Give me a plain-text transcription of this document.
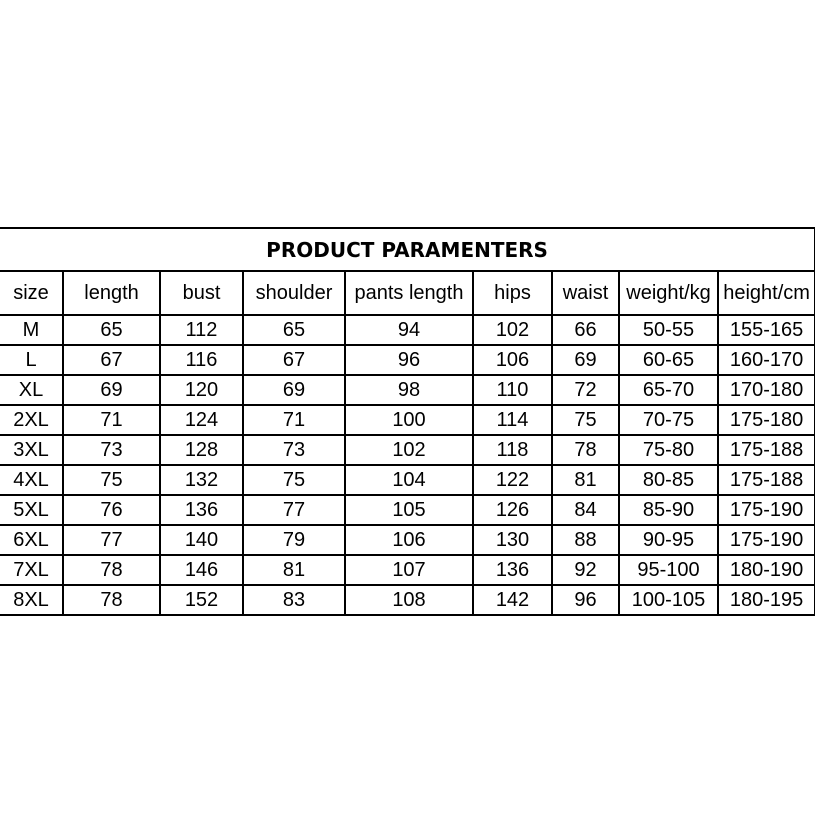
PRODUCT PARAMENTERS								
size	length	bust	shoulder	pants length	hips	waist	weight/kg	height/cm
M	65	112	65	94	102	66	50-55	155-165
L	67	116	67	96	106	69	60-65	160-170
XL	69	120	69	98	110	72	65-70	170-180
2XL	71	124	71	100	114	75	70-75	175-180
3XL	73	128	73	102	118	78	75-80	175-188
4XL	75	132	75	104	122	81	80-85	175-188
5XL	76	136	77	105	126	84	85-90	175-190
6XL	77	140	79	106	130	88	90-95	175-190
7XL	78	146	81	107	136	92	95-100	180-190
8XL	78	152	83	108	142	96	100-105	180-195
